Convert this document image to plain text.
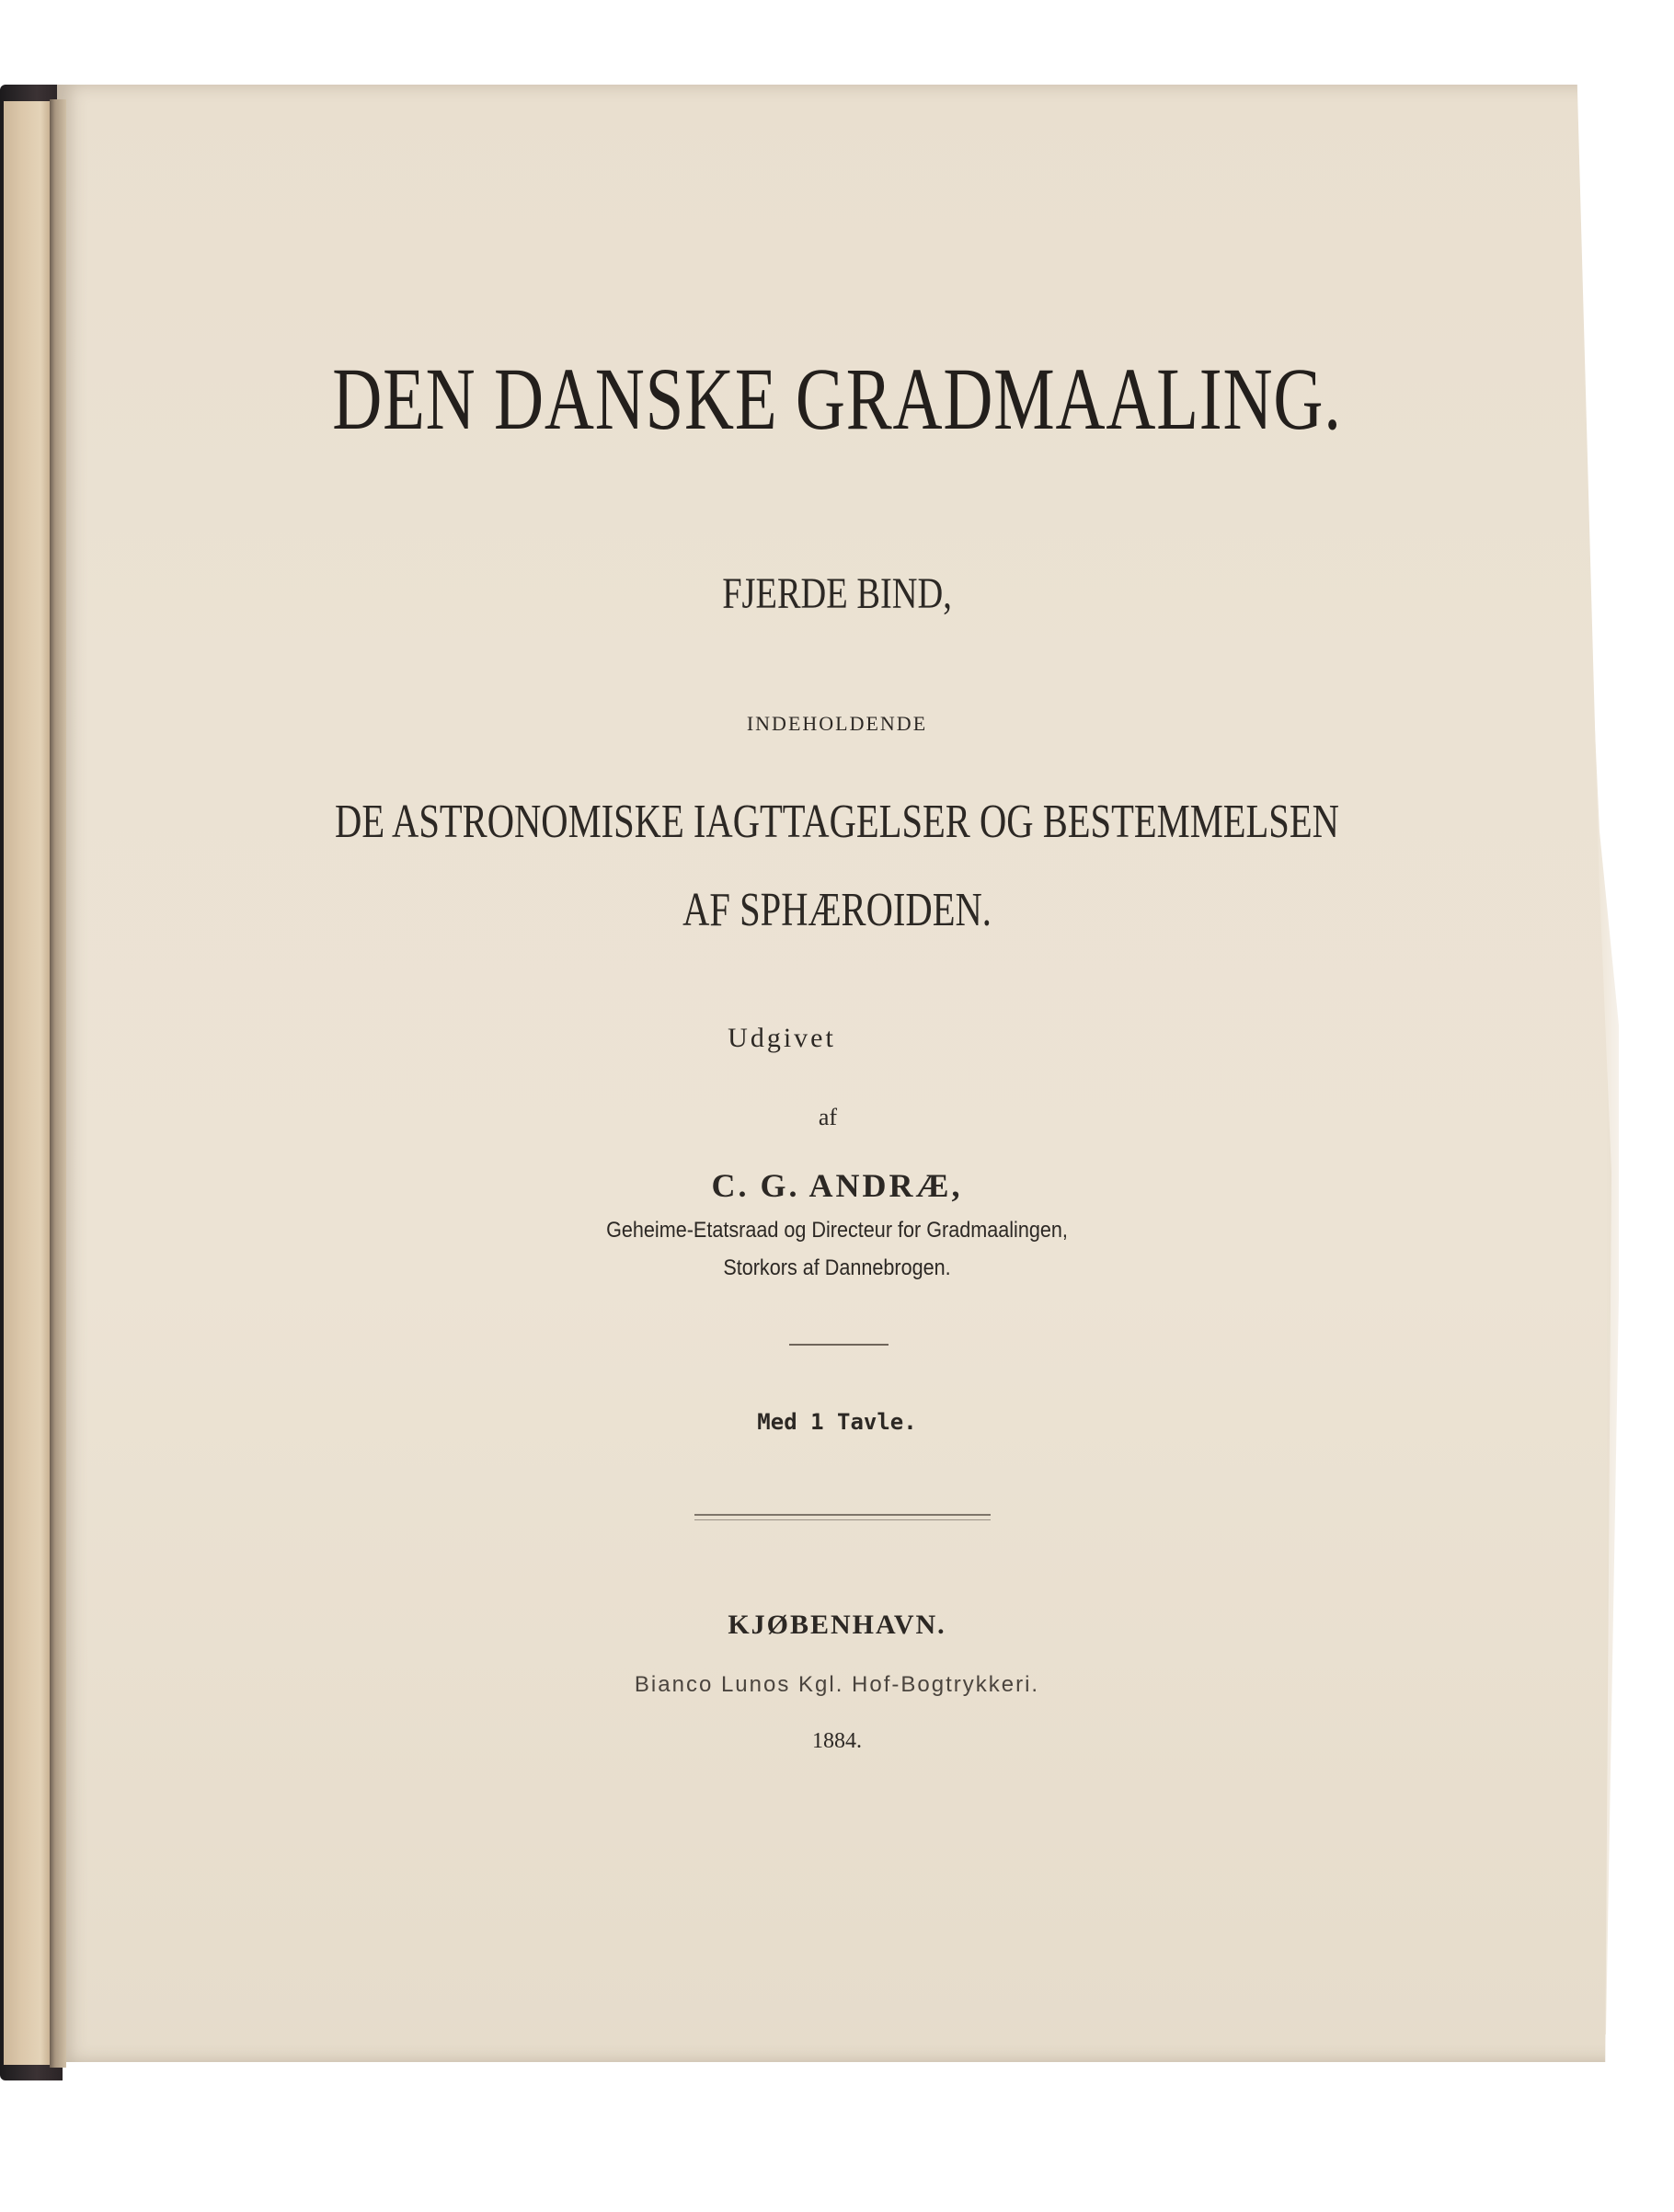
DEN DANSKE GRADMAALING.
FJERDE BIND,
INDEHOLDENDE
DE ASTRONOMISKE IAGTTAGELSER OG BESTEMMELSEN
AF SPHÆROIDEN.
Udgivet
af
C. G. ANDRÆ,
Geheime-Etatsraad og Directeur for Gradmaalingen,
Storkors af Dannebrogen.
Med 1 Tavle.
KJØBENHAVN.
Bianco Lunos Kgl. Hof-Bogtrykkeri.
1884.
